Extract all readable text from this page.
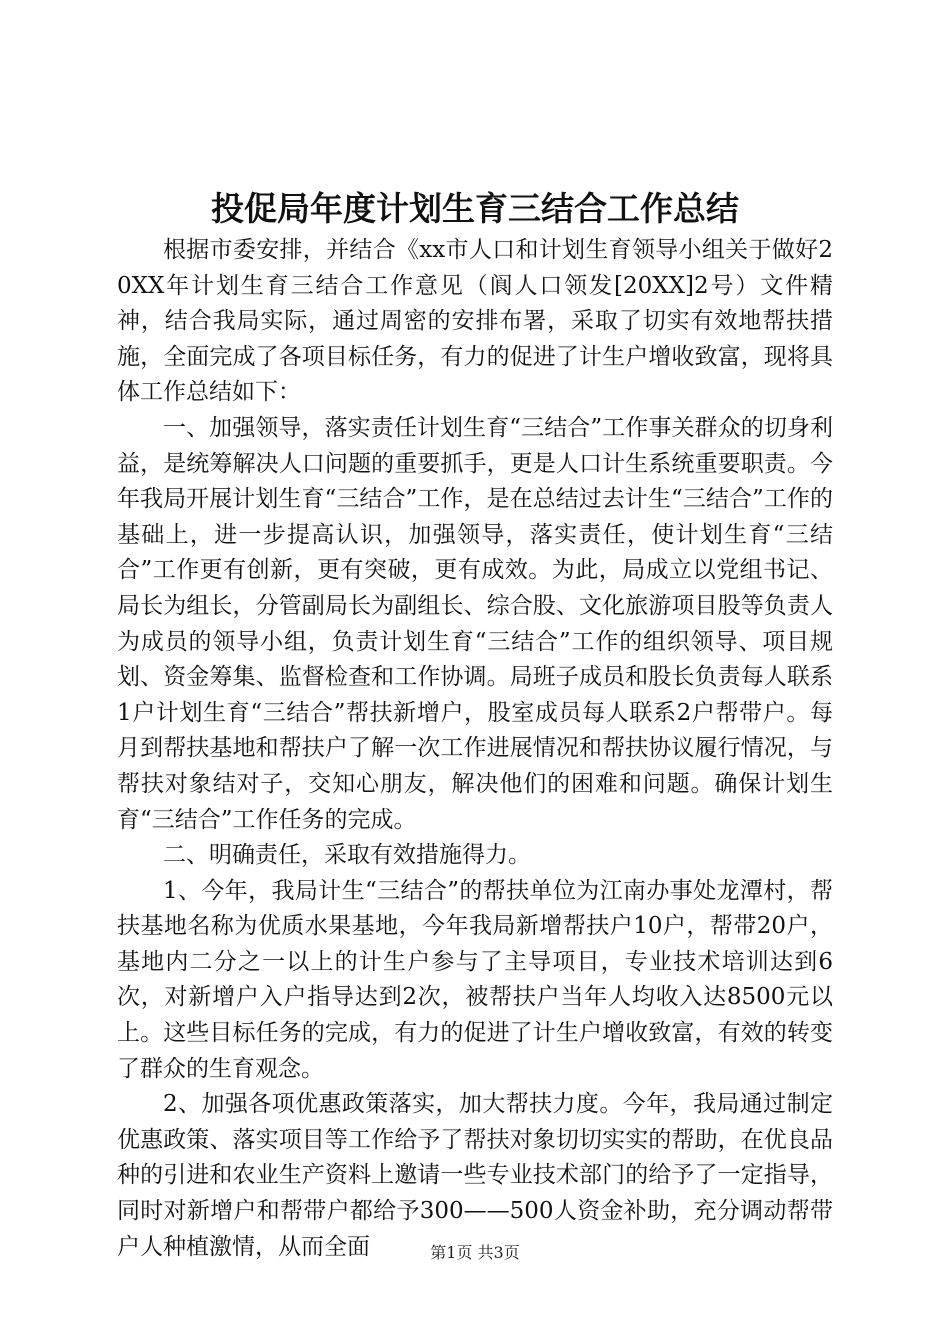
投促局年度计划生育三结合工作总结

根据市委安排，并结合《xx市人口和计划生育领导小组关于做好20XX年计划生育三结合工作意见（阆人口领发[20XX]2号）文件精神，结合我局实际，通过周密的安排布署，采取了切实有效地帮扶措施，全面完成了各项目标任务，有力的促进了计生户增收致富，现将具体工作总结如下：

一、加强领导，落实责任计划生育“三结合”工作事关群众的切身利益，是统筹解决人口问题的重要抓手，更是人口计生系统重要职责。今年我局开展计划生育“三结合”工作，是在总结过去计生“三结合”工作的基础上，进一步提高认识，加强领导，落实责任，使计划生育“三结合”工作更有创新，更有突破，更有成效。为此，局成立以党组书记、局长为组长，分管副局长为副组长、综合股、文化旅游项目股等负责人为成员的领导小组，负责计划生育“三结合”工作的组织领导、项目规划、资金筹集、监督检查和工作协调。局班子成员和股长负责每人联系1户计划生育“三结合”帮扶新增户，股室成员每人联系2户帮带户。每月到帮扶基地和帮扶户了解一次工作进展情况和帮扶协议履行情况，与帮扶对象结对子，交知心朋友，解决他们的困难和问题。确保计划生育“三结合”工作任务的完成。

二、明确责任，采取有效措施得力。

1、今年，我局计生“三结合”的帮扶单位为江南办事处龙潭村，帮扶基地名称为优质水果基地，今年我局新增帮扶户10户，帮带20户，基地内二分之一以上的计生户参与了主导项目，专业技术培训达到6次，对新增户入户指导达到2次，被帮扶户当年人均收入达8500元以上。这些目标任务的完成，有力的促进了计生户增收致富，有效的转变了群众的生育观念。

2、加强各项优惠政策落实，加大帮扶力度。今年，我局通过制定优惠政策、落实项目等工作给予了帮扶对象切切实实的帮助，在优良品种的引进和农业生产资料上邀请一些专业技术部门的给予了一定指导，同时对新增户和帮带户都给予300——500人资金补助，充分调动帮带户人种植激情，从而全面	第1页 共3页
